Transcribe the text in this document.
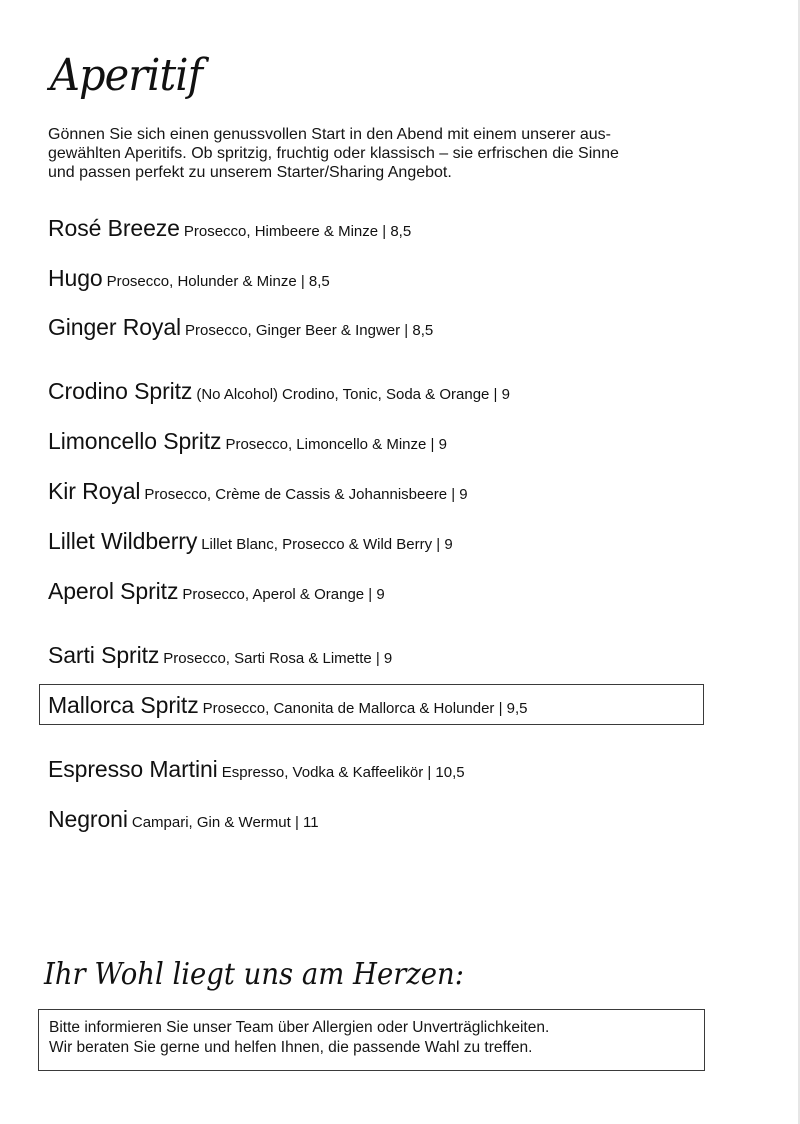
Aperitif
Gönnen Sie sich einen genussvollen Start in den Abend mit einem unserer aus-
gewählten Aperitifs. Ob spritzig, fruchtig oder klassisch – sie erfrischen die Sinne
und passen perfekt zu unserem Starter/Sharing Angebot.
Rosé Breeze Prosecco, Himbeere & Minze | 8,5
Hugo Prosecco, Holunder & Minze | 8,5
Ginger Royal Prosecco, Ginger Beer & Ingwer | 8,5
Crodino Spritz (No Alcohol) Crodino, Tonic, Soda & Orange | 9
Limoncello Spritz Prosecco, Limoncello & Minze | 9
Kir Royal Prosecco, Crème de Cassis & Johannisbeere | 9
Lillet Wildberry Lillet Blanc, Prosecco & Wild Berry | 9
Aperol Spritz Prosecco, Aperol & Orange | 9
Sarti Spritz Prosecco, Sarti Rosa & Limette | 9
Mallorca Spritz Prosecco, Canonita de Mallorca & Holunder | 9,5
Espresso Martini Espresso, Vodka & Kaffeelikör | 10,5
Negroni Campari, Gin & Wermut | 11
Ihr Wohl liegt uns am Herzen:
Bitte informieren Sie unser Team über Allergien oder Unverträglichkeiten.
Wir beraten Sie gerne und helfen Ihnen, die passende Wahl zu treffen.
